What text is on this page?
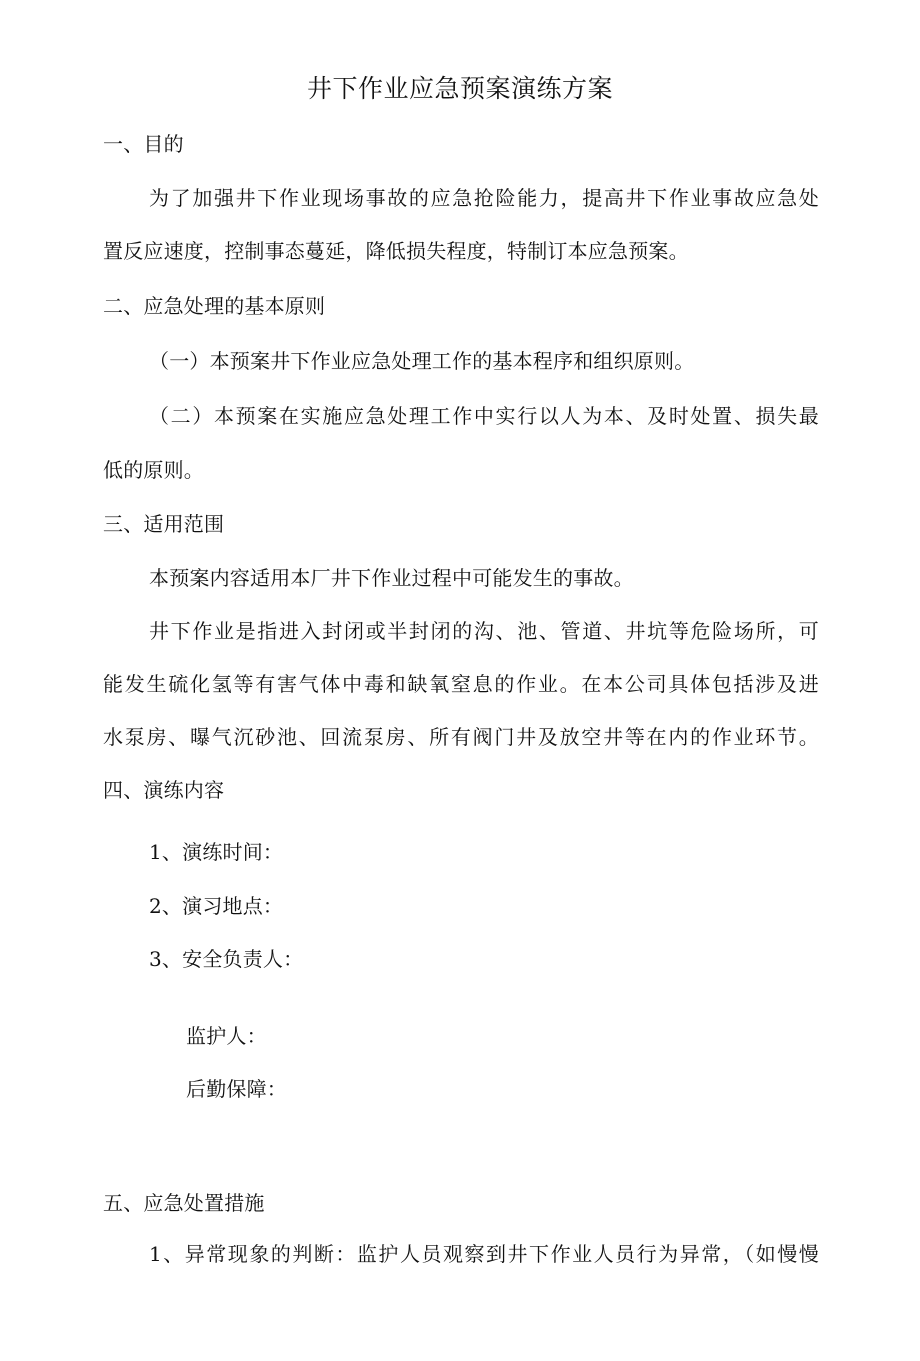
井下作业应急预案演练方案
一、目的
为了加强井下作业现场事故的应急抢险能力，提高井下作业事故应急处
置反应速度，控制事态蔓延，降低损失程度，特制订本应急预案。
二、应急处理的基本原则
（一）本预案井下作业应急处理工作的基本程序和组织原则。
（二）本预案在实施应急处理工作中实行以人为本、及时处置、损失最
低的原则。
三、适用范围
本预案内容适用本厂井下作业过程中可能发生的事故。
井下作业是指进入封闭或半封闭的沟、池、管道、井坑等危险场所，可
能发生硫化氢等有害气体中毒和缺氧窒息的作业。在本公司具体包括涉及进
水泵房、曝气沉砂池、回流泵房、所有阀门井及放空井等在内的作业环节。
四、演练内容
1、演练时间：
2、演习地点：
3、安全负责人：
监护人：
后勤保障：
五、应急处置措施
1、异常现象的判断：监护人员观察到井下作业人员行为异常，（如慢慢
